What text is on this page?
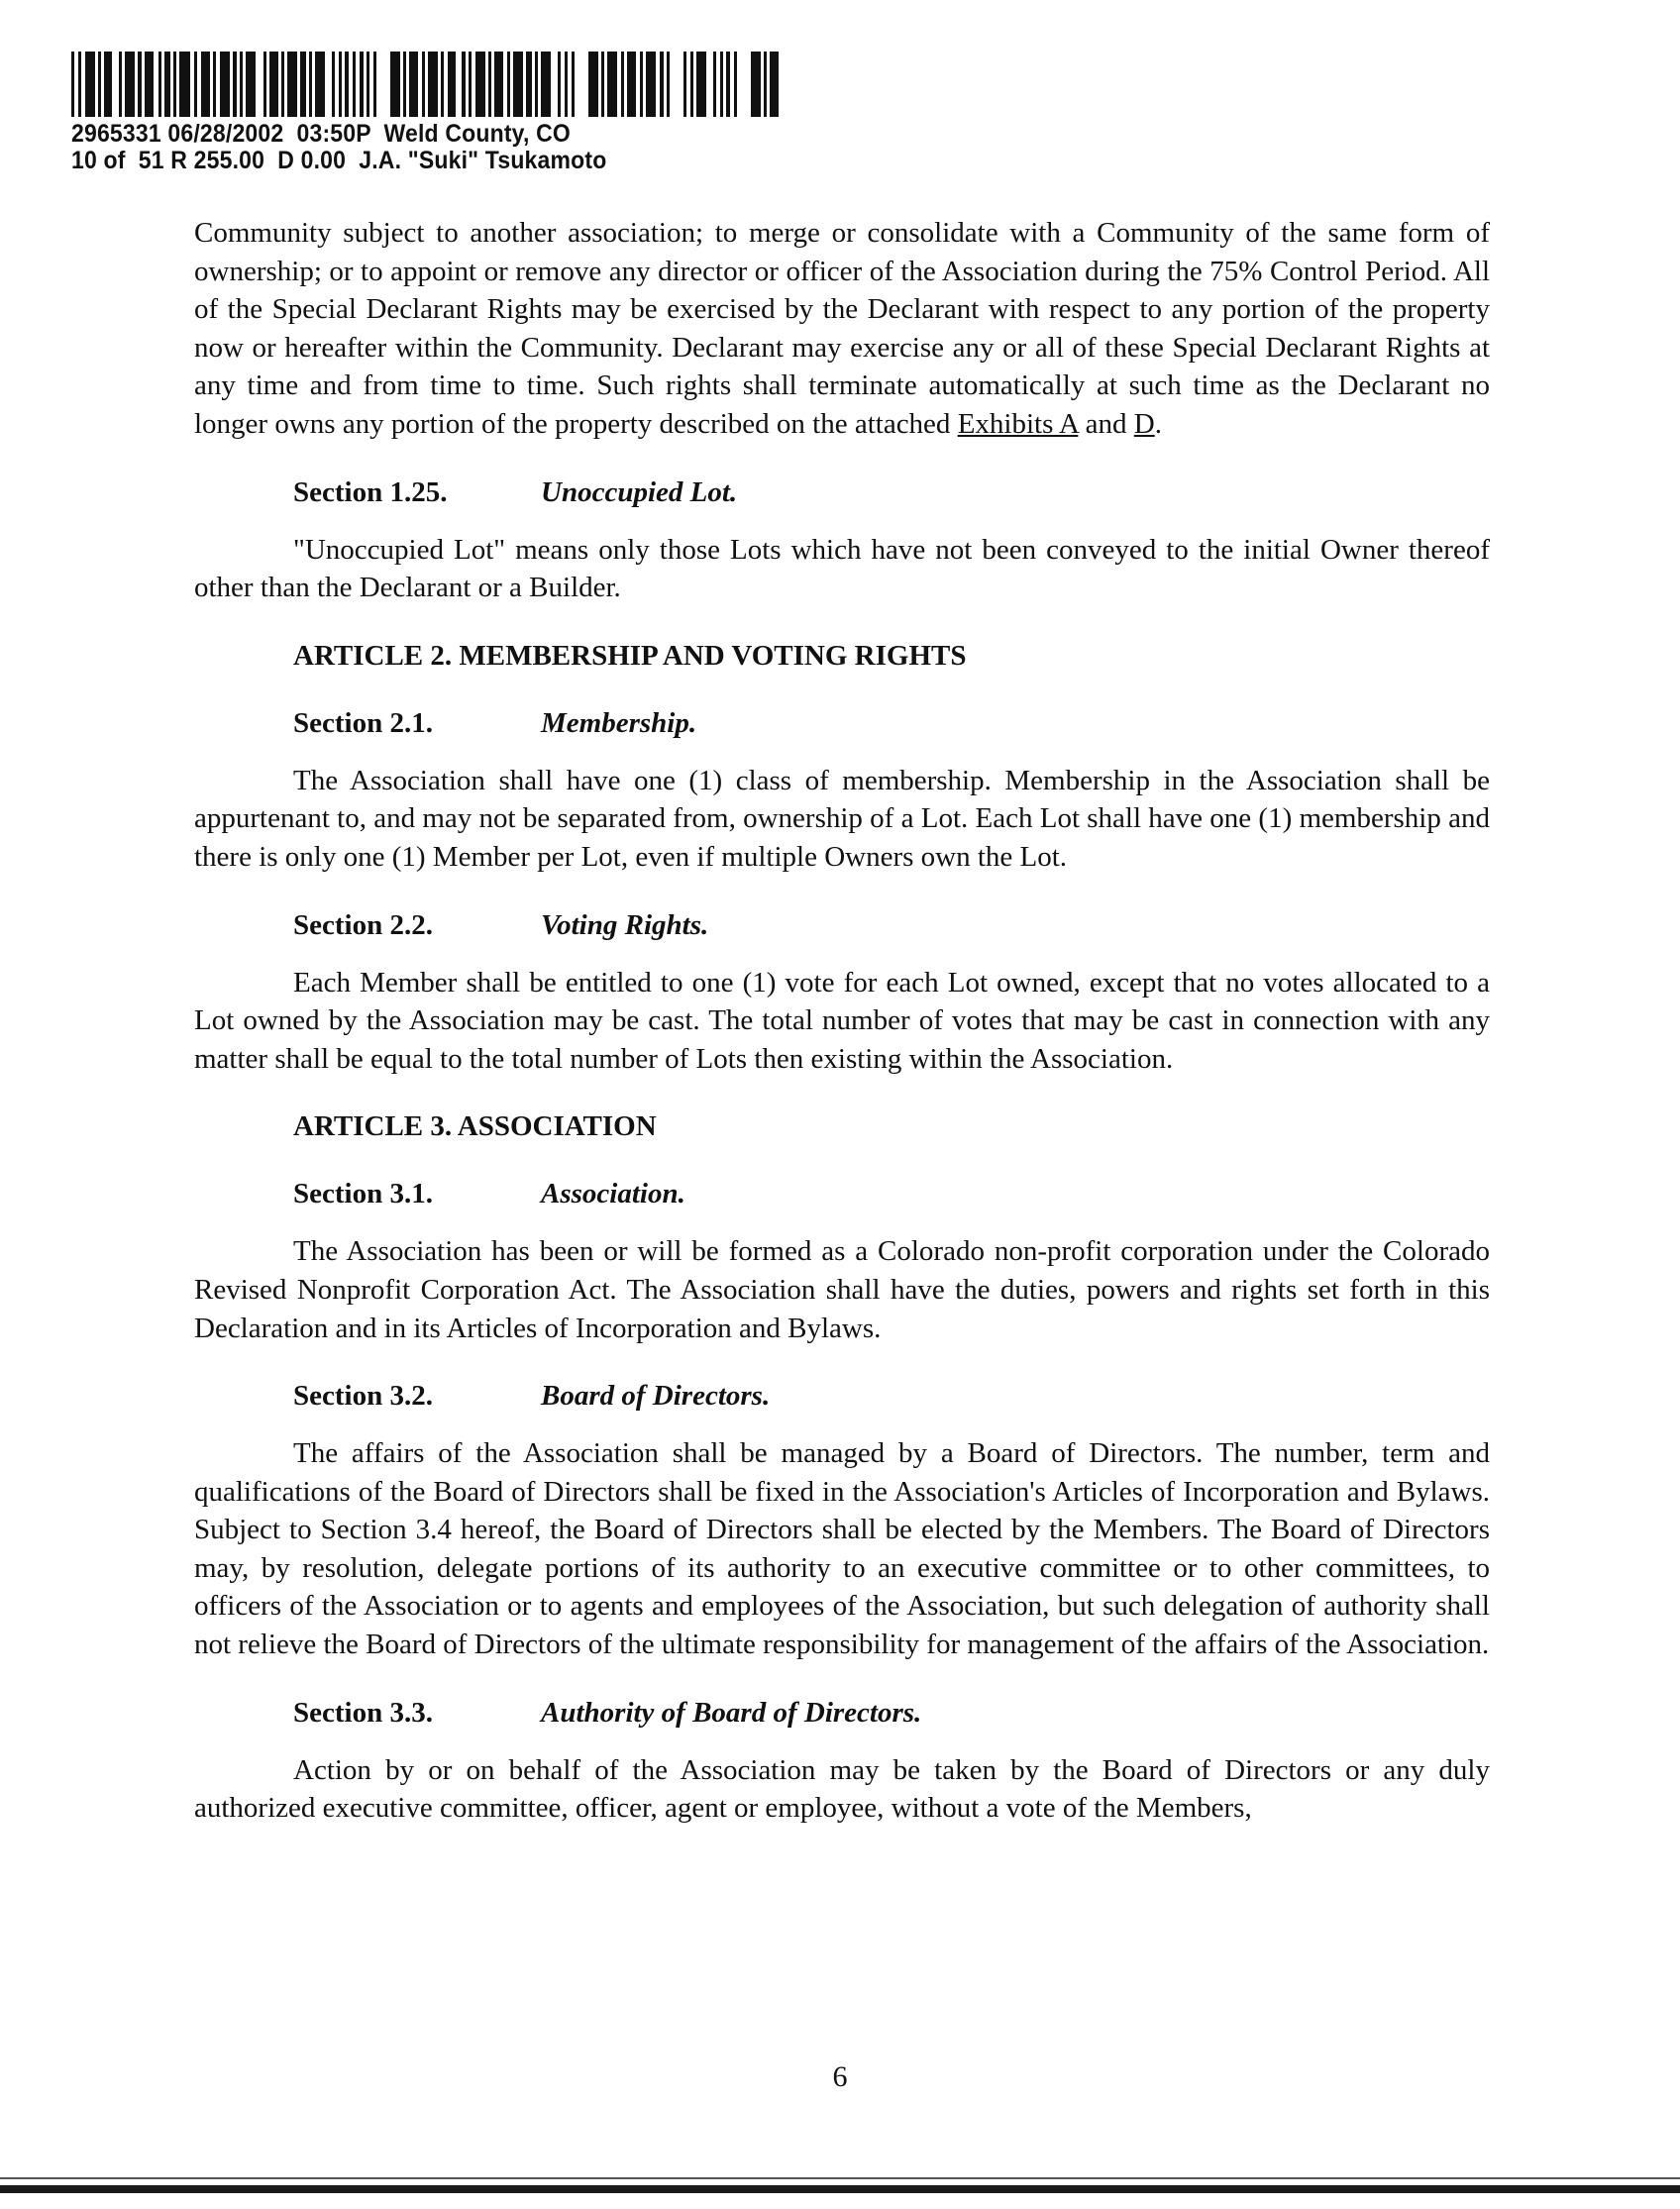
2965331 06/28/2002  03:50P  Weld County, CO
10 of  51 R 255.00  D 0.00  J.A. "Suki" Tsukamoto

Community subject to another association; to merge or consolidate with a Community of the same form of ownership; or to appoint or remove any director or officer of the Association during the 75% Control Period. All of the Special Declarant Rights may be exercised by the Declarant with respect to any portion of the property now or hereafter within the Community. Declarant may exercise any or all of these Special Declarant Rights at any time and from time to time. Such rights shall terminate automatically at such time as the Declarant no longer owns any portion of the property described on the attached Exhibits A and D.

Section 1.25.	Unoccupied Lot.

"Unoccupied Lot" means only those Lots which have not been conveyed to the initial Owner thereof other than the Declarant or a Builder.

ARTICLE 2. MEMBERSHIP AND VOTING RIGHTS
Section 2.1.	Membership.

The Association shall have one (1) class of membership. Membership in the Association shall be appurtenant to, and may not be separated from, ownership of a Lot. Each Lot shall have one (1) membership and there is only one (1) Member per Lot, even if multiple Owners own the Lot.

Section 2.2.	Voting Rights.

Each Member shall be entitled to one (1) vote for each Lot owned, except that no votes allocated to a Lot owned by the Association may be cast. The total number of votes that may be cast in connection with any matter shall be equal to the total number of Lots then existing within the Association.

ARTICLE 3. ASSOCIATION
Section 3.1.	Association.

The Association has been or will be formed as a Colorado non-profit corporation under the Colorado Revised Nonprofit Corporation Act. The Association shall have the duties, powers and rights set forth in this Declaration and in its Articles of Incorporation and Bylaws.

Section 3.2.	Board of Directors.

The affairs of the Association shall be managed by a Board of Directors. The number, term and qualifications of the Board of Directors shall be fixed in the Association's Articles of Incorporation and Bylaws. Subject to Section 3.4 hereof, the Board of Directors shall be elected by the Members. The Board of Directors may, by resolution, delegate portions of its authority to an executive committee or to other committees, to officers of the Association or to agents and employees of the Association, but such delegation of authority shall not relieve the Board of Directors of the ultimate responsibility for management of the affairs of the Association.

Section 3.3.	Authority of Board of Directors.

Action by or on behalf of the Association may be taken by the Board of Directors or any duly authorized executive committee, officer, agent or employee, without a vote of the Members,

6
